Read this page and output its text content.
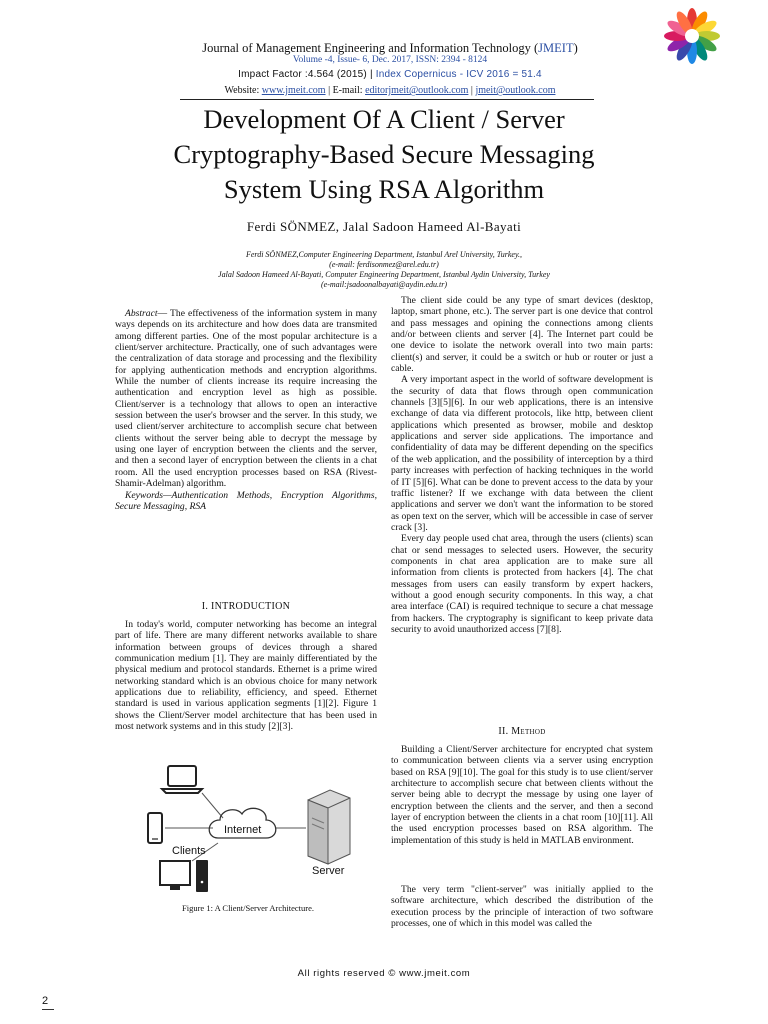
Journal of Management Engineering and Information Technology (JMEIT)
Volume -4, Issue- 6, Dec. 2017, ISSN: 2394 - 8124
Impact Factor :4.564 (2015) | Index Copernicus - ICV 2016 = 51.4
Website: www.jmeit.com | E-mail: editorjmeit@outlook.com | jmeit@outlook.com
Development Of A Client / Server
Cryptography-Based Secure Messaging
System Using RSA Algorithm
Ferdi SÖNMEZ, Jalal Sadoon Hameed Al-Bayati
Ferdi SÖNMEZ,Computer Engineering Department, Istanbul Arel University, Turkey.,
(e-mail: ferdisonmez@arel.edu.tr)
Jalal Sadoon Hameed Al-Bayati, Computer Engineering Department, Istanbul Aydin University, Turkey
(e-mail:jsadoonalbayati@aydin.edu.tr)

Abstract— The effectiveness of the information system in many ways depends on its architecture and how does data are transmited among different parties. One of the most popular architecture is a client/server architecture. Practically, one of such advantages were the centralization of data storage and processing and the flexibility for applying authentication methods and encryption algorithms. While the number of clients increase its require increasing the authentication and encryption level as high as possible. Client/server is a technology that allows to open an interactive session between the user's browser and the server. In this study, we used client/server architecture to accomplish secure chat between clients without the server being able to decrypt the message by using one layer of encryption between the clients and the server, and then a second layer of encryption between the clients in a chat room. All the used encryption processes based on RSA (Rivest-Shamir-Adelman) algorithm.

Keywords—Authentication Methods, Encryption Algorithms, Secure Messaging, RSA

I. INTRODUCTION

In today's world, computer networking has become an integral part of life. There are many different networks available to share information between groups of devices through a shared communication medium [1]. They are mainly differentiated by the physical medium and protocol standards. Ethernet is a prime wired networking standard which is an obvious choice for many network applications due to reliability, efficiency, and speed. Ethernet standard is used in various application segments [1][2]. Figure 1 shows the Client/Server model architecture that has been used in most network systems and in this study [2][3].

Internet
Clients
Server
Figure 1: A Client/Server Architecture.

The client side could be any type of smart devices (desktop, laptop, smart phone, etc.). The server part is one device that control and pass messages and opining the connections among clients and/or between clients and server [4]. The Internet part could be one device to isolate the network overall into two main parts: client(s) and server, it could be a switch or hub or router or just a cable.

A very important aspect in the world of software development is the security of data that flows through open communication channels [3][5][6]. In our web applications, there is an intensive exchange of data via different protocols, like http, between client applications which presented as browser, mobile and desktop applications and server side applications. The importance and confidentiality of data may be different depending on the specifics of the web application, and the possibility of interception by a third party increases with perfection of hacking techniques in the world of IT [5][6]. What can be done to prevent access to the data by your traffic listener? If we exchange with data between the client applications and server we don't want the information to be stored as open text on the server, which will be accessible in case of server crack [3].

Every day people used chat area, through the users (clients) scan chat or send messages to selected users. However, the security components in chat area application are to make sure all information from clients is protected from hackers [4]. The chat messages from users can easily transform by expert hackers, without a good enough security components. In this way, a chat area interface (CAI) is required technique to secure a chat message from hackers. The cryptography is significant to keep private data security to avoid unauthorized access [7][8].

II. Method

Building a Client/Server architecture for encrypted chat system to communication between clients via a server using encryption based on RSA [9][10]. The goal for this study is to use client/server architecture to accomplish secure chat between clients without the server being able to decrypt the message by using one layer of encryption between the clients and the server, and then a second layer of encryption between the clients in a chat room [10][11]. All the used encryption processes based on RSA algorithm. The implementation of this study is held in MATLAB environment.

The very term "client-server" was initially applied to the software architecture, which described the distribution of the execution process by the principle of interaction of two software processes, one of which in this model was called the

All rights reserved © www.jmeit.com
2
